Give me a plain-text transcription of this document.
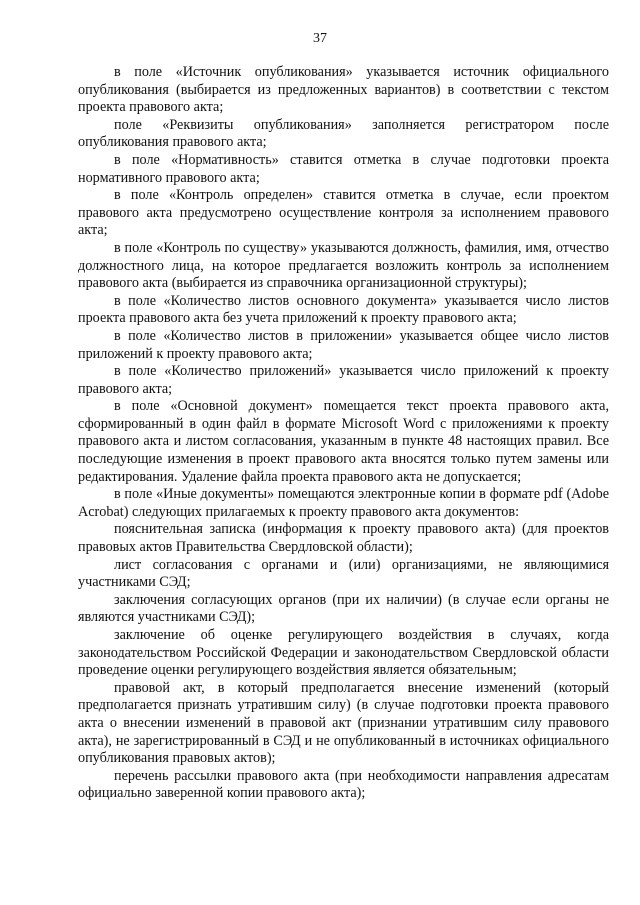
37

в поле «Источник опубликования» указывается источник официального опубликования (выбирается из предложенных вариантов) в соответствии с текстом проекта правового акта;

поле «Реквизиты опубликования» заполняется регистратором после опубликования правового акта;

в поле «Нормативность» ставится отметка в случае подготовки проекта нормативного правового акта;

в поле «Контроль определен» ставится отметка в случае, если проектом правового акта предусмотрено осуществление контроля за исполнением правового акта;

в поле «Контроль по существу» указываются должность, фамилия, имя, отчество должностного лица, на которое предлагается возложить контроль за исполнением правового акта (выбирается из справочника организационной структуры);

в поле «Количество листов основного документа» указывается число листов проекта правового акта без учета приложений к проекту правового акта;

в поле «Количество листов в приложении» указывается общее число листов приложений к проекту правового акта;

в поле «Количество приложений» указывается число приложений к проекту правового акта;

в поле «Основной документ» помещается текст проекта правового акта, сформированный в один файл в формате Microsoft Word с приложениями к проекту правового акта и листом согласования, указанным в пункте 48 настоящих правил. Все последующие изменения в проект правового акта вносятся только путем замены или редактирования. Удаление файла проекта правового акта не допускается;

в поле «Иные документы» помещаются электронные копии в формате pdf (Adobe Acrobat) следующих прилагаемых к проекту правового акта документов:

пояснительная записка (информация к проекту правового акта) (для проектов правовых актов Правительства Свердловской области);

лист согласования с органами и (или) организациями, не являющимися участниками СЭД;

заключения согласующих органов (при их наличии) (в случае если органы не являются участниками СЭД);

заключение об оценке регулирующего воздействия в случаях, когда законодательством Российской Федерации и законодательством Свердловской области проведение оценки регулирующего воздействия является обязательным;

правовой акт, в который предполагается внесение изменений (который предполагается признать утратившим силу) (в случае подготовки проекта правового акта о внесении изменений в правовой акт (признании утратившим силу правового акта), не зарегистрированный в СЭД и не опубликованный в источниках официального опубликования правовых актов);

перечень рассылки правового акта (при необходимости направления адресатам официально заверенной копии правового акта);
